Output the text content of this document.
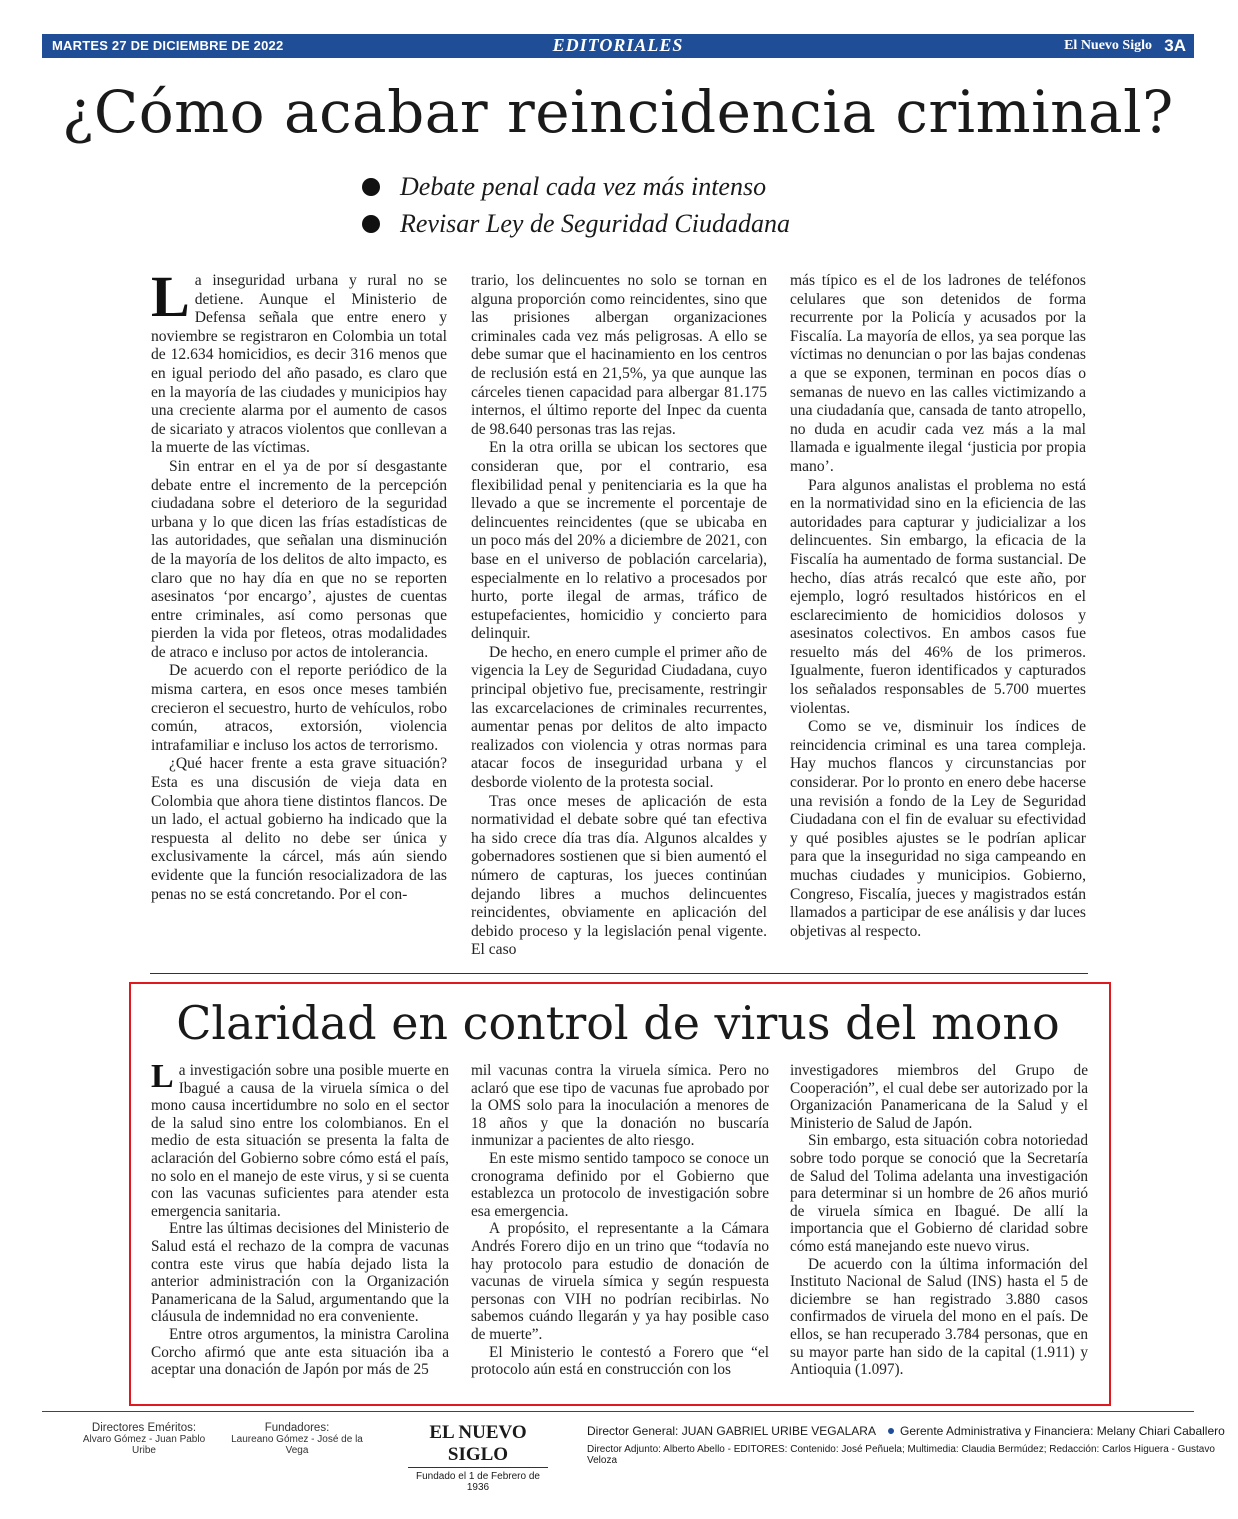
MARTES 27 DE DICIEMBRE DE 2022	EDITORIALES	El Nuevo Siglo 3A
¿Cómo acabar reincidencia criminal?
Debate penal cada vez más intenso
Revisar Ley de Seguridad Ciudadana
L a inseguridad urbana y rural no se detiene. Aunque el Ministerio de Defensa señala que entre enero y noviembre se registraron en Colombia un total de 12.634 homicidios, es decir 316 menos que en igual periodo del año pasado, es claro que en la mayoría de las ciudades y municipios hay una creciente alarma por el aumento de casos de sicariato y atracos violentos que conllevan a la muerte de las víctimas.

Sin entrar en el ya de por sí desgastante debate entre el incremento de la percepción ciudadana sobre el deterioro de la seguridad urbana y lo que dicen las frías estadísticas de las autoridades, que señalan una disminución de la mayoría de los delitos de alto impacto, es claro que no hay día en que no se reporten asesinatos ‘por encargo’, ajustes de cuentas entre criminales, así como personas que pierden la vida por fleteos, otras modalidades de atraco e incluso por actos de intolerancia.

De acuerdo con el reporte periódico de la misma cartera, en esos once meses también crecieron el secuestro, hurto de vehículos, robo común, atracos, extorsión, violencia intrafamiliar e incluso los actos de terrorismo.

¿Qué hacer frente a esta grave situación? Esta es una discusión de vieja data en Colombia que ahora tiene distintos flancos. De un lado, el actual gobierno ha indicado que la respuesta al delito no debe ser única y exclusivamente la cárcel, más aún siendo evidente que la función resocializadora de las penas no se está concretando. Por el con-

trario, los delincuentes no solo se tornan en alguna proporción como reincidentes, sino que las prisiones albergan organizaciones criminales cada vez más peligrosas. A ello se debe sumar que el hacinamiento en los centros de reclusión está en 21,5%, ya que aunque las cárceles tienen capacidad para albergar 81.175 internos, el último reporte del Inpec da cuenta de 98.640 personas tras las rejas.

En la otra orilla se ubican los sectores que consideran que, por el contrario, esa flexibilidad penal y penitenciaria es la que ha llevado a que se incremente el porcentaje de delincuentes reincidentes (que se ubicaba en un poco más del 20% a diciembre de 2021, con base en el universo de población carcelaria), especialmente en lo relativo a procesados por hurto, porte ilegal de armas, tráfico de estupefacientes, homicidio y concierto para delinquir.

De hecho, en enero cumple el primer año de vigencia la Ley de Seguridad Ciudadana, cuyo principal objetivo fue, precisamente, restringir las excarcelaciones de criminales recurrentes, aumentar penas por delitos de alto impacto realizados con violencia y otras normas para atacar focos de inseguridad urbana y el desborde violento de la protesta social.

Tras once meses de aplicación de esta normatividad el debate sobre qué tan efectiva ha sido crece día tras día. Algunos alcaldes y gobernadores sostienen que si bien aumentó el número de capturas, los jueces continúan dejando libres a muchos delincuentes reincidentes, obviamente en aplicación del debido proceso y la legislación penal vigente. El caso

más típico es el de los ladrones de teléfonos celulares que son detenidos de forma recurrente por la Policía y acusados por la Fiscalía. La mayoría de ellos, ya sea porque las víctimas no denuncian o por las bajas condenas a que se exponen, terminan en pocos días o semanas de nuevo en las calles victimizando a una ciudadanía que, cansada de tanto atropello, no duda en acudir cada vez más a la mal llamada e igualmente ilegal ‘justicia por propia mano’.

Para algunos analistas el problema no está en la normatividad sino en la eficiencia de las autoridades para capturar y judicializar a los delincuentes. Sin embargo, la eficacia de la Fiscalía ha aumentado de forma sustancial. De hecho, días atrás recalcó que este año, por ejemplo, logró resultados históricos en el esclarecimiento de homicidios dolosos y asesinatos colectivos. En ambos casos fue resuelto más del 46% de los primeros. Igualmente, fueron identificados y capturados los señalados responsables de 5.700 muertes violentas.

Como se ve, disminuir los índices de reincidencia criminal es una tarea compleja. Hay muchos flancos y circunstancias por considerar. Por lo pronto en enero debe hacerse una revisión a fondo de la Ley de Seguridad Ciudadana con el fin de evaluar su efectividad y qué posibles ajustes se le podrían aplicar para que la inseguridad no siga campeando en muchas ciudades y municipios. Gobierno, Congreso, Fiscalía, jueces y magistrados están llamados a participar de ese análisis y dar luces objetivas al respecto.

Claridad en control de virus del mono
L a investigación sobre una posible muerte en Ibagué a causa de la viruela símica o del mono causa incertidumbre no solo en el sector de la salud sino entre los colombianos. En el medio de esta situación se presenta la falta de aclaración del Gobierno sobre cómo está el país, no solo en el manejo de este virus, y si se cuenta con las vacunas suficientes para atender esta emergencia sanitaria.

Entre las últimas decisiones del Ministerio de Salud está el rechazo de la compra de vacunas contra este virus que había dejado lista la anterior administración con la Organización Panamericana de la Salud, argumentando que la cláusula de indemnidad no era conveniente.

Entre otros argumentos, la ministra Carolina Corcho afirmó que ante esta situación iba a aceptar una donación de Japón por más de 25

mil vacunas contra la viruela símica. Pero no aclaró que ese tipo de vacunas fue aprobado por la OMS solo para la inoculación a menores de 18 años y que la donación no buscaría inmunizar a pacientes de alto riesgo.

En este mismo sentido tampoco se conoce un cronograma definido por el Gobierno que establezca un protocolo de investigación sobre esa emergencia.

A propósito, el representante a la Cámara Andrés Forero dijo en un trino que “todavía no hay protocolo para estudio de donación de vacunas de viruela símica y según respuesta personas con VIH no podrían recibirlas. No sabemos cuándo llegarán y ya hay posible caso de muerte”.

El Ministerio le contestó a Forero que “el protocolo aún está en construcción con los

investigadores miembros del Grupo de Cooperación”, el cual debe ser autorizado por la Organización Panamericana de la Salud y el Ministerio de Salud de Japón.

Sin embargo, esta situación cobra notoriedad sobre todo porque se conoció que la Secretaría de Salud del Tolima adelanta una investigación para determinar si un hombre de 26 años murió de viruela símica en Ibagué. De allí la importancia que el Gobierno dé claridad sobre cómo está manejando este nuevo virus.

De acuerdo con la última información del Instituto Nacional de Salud (INS) hasta el 5 de diciembre se han registrado 3.880 casos confirmados de viruela del mono en el país. De ellos, se han recuperado 3.784 personas, que en su mayor parte han sido de la capital (1.911) y Antioquia (1.097).

Directores Eméritos:
Alvaro Gómez - Juan Pablo Uribe
Fundadores:
Laureano Gómez - José de la Vega
EL NUEVO SIGLO
Fundado el 1 de Febrero de 1936
Director General: JUAN GABRIEL URIBE VEGALARA Gerente Administrativa y Financiera: Melany Chiari Caballero
Director Adjunto: Alberto Abello - EDITORES: Contenido: José Peñuela; Multimedia: Claudia Bermúdez; Redacción: Carlos Higuera - Gustavo Veloza
